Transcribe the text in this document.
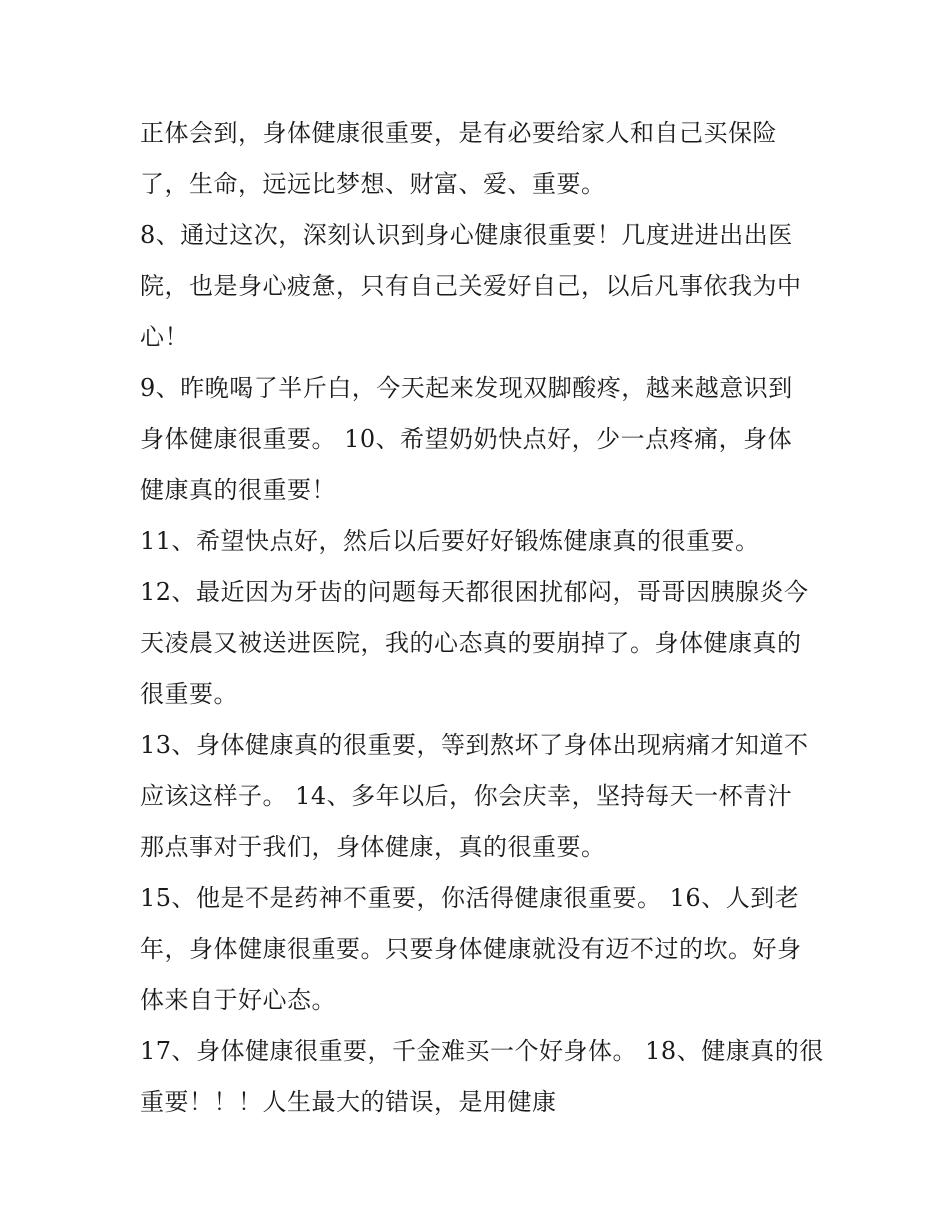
正体会到，身体健康很重要，是有必要给家人和自己买保险
了，生命，远远比梦想、财富、爱、重要。
8、通过这次，深刻认识到身心健康很重要！几度进进出出医
院，也是身心疲惫，只有自己关爱好自己，以后凡事依我为中
心！
9、昨晚喝了半斤白，今天起来发现双脚酸疼，越来越意识到
身体健康很重要。 10、希望奶奶快点好，少一点疼痛，身体
健康真的很重要！
11、希望快点好，然后以后要好好锻炼健康真的很重要。
12、最近因为牙齿的问题每天都很困扰郁闷，哥哥因胰腺炎今
天凌晨又被送进医院，我的心态真的要崩掉了。身体健康真的
很重要。
13、身体健康真的很重要，等到熬坏了身体出现病痛才知道不
应该这样子。 14、多年以后，你会庆幸，坚持每天一杯青汁
那点事对于我们，身体健康，真的很重要。
15、他是不是药神不重要，你活得健康很重要。 16、人到老
年，身体健康很重要。只要身体健康就没有迈不过的坎。好身
体来自于好心态。
17、身体健康很重要，千金难买一个好身体。 18、健康真的很
重要！！！人生最大的错误，是用健康
